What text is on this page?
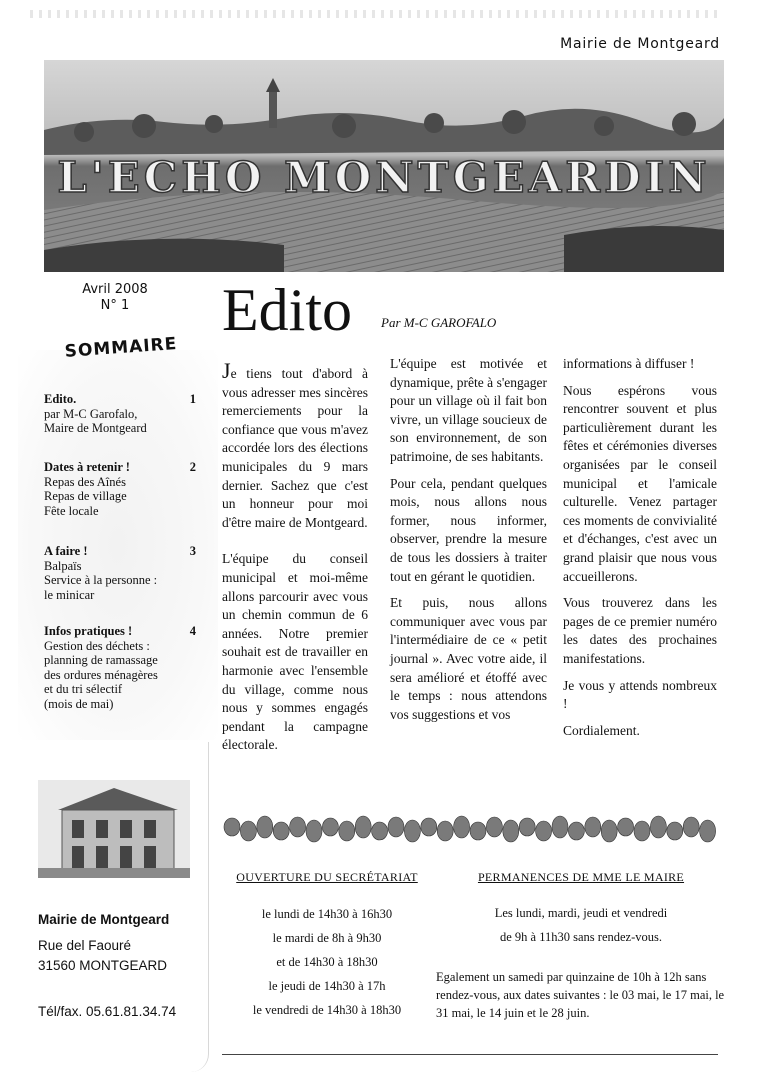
Mairie de Montgeard
L'ECHO MONTGEARDIN
Avril 2008
N° 1
SOMMAIRE
Edito.	1
par M-C Garofalo,
Maire de Montgeard
Dates à retenir !	2
Repas des Aînés
Repas de village
Fête locale
A faire !	3
Balpaïs
Service à la personne :
le minicar
Infos pratiques !	4
Gestion des déchets :
planning de ramassage
des ordures ménagères
et du tri sélectif
(mois de mai)
Mairie de Montgeard
Rue del Faouré
31560 MONTGEARD
Tél/fax. 05.61.81.34.74
Edito Par M-C GAROFALO

Je tiens tout d'abord à vous adresser mes sincères remerciements pour la confiance que vous m'avez accordée lors des élections municipales du 9 mars dernier. Sachez que c'est un honneur pour moi d'être maire de Montgeard.

L'équipe du conseil municipal et moi-même allons parcourir avec vous un chemin commun de 6 années. Notre premier souhait est de travailler en harmonie avec l'ensemble du village, comme nous nous y sommes engagés pendant la campagne électorale.

L'équipe est motivée et dynamique, prête à s'engager pour un village où il fait bon vivre, un village soucieux de son environnement, de son patrimoine, de ses habitants.

Pour cela, pendant quelques mois, nous allons nous former, nous informer, observer, prendre la mesure de tous les dossiers à traiter tout en gérant le quotidien.

Et puis, nous allons communiquer avec vous par l'intermédiaire de ce « petit journal ». Avec votre aide, il sera amélioré et étoffé avec le temps : nous attendons vos suggestions et vos

informations à diffuser !

Nous espérons vous rencontrer souvent et plus particulièrement durant les fêtes et cérémonies diverses organisées par le conseil municipal et l'amicale culturelle. Venez partager ces moments de convivialité et d'échanges, c'est avec un grand plaisir que nous vous accueillerons.

Vous trouverez dans les pages de ce premier numéro les dates des prochaines manifestations.

Je vous y attends nombreux !

Cordialement.

OUVERTURE DU SECRÉTARIAT
le lundi de 14h30 à 16h30
le mardi de 8h à 9h30
et de 14h30 à 18h30
le jeudi de 14h30 à 17h
le vendredi de 14h30 à 18h30
PERMANENCES DE MME LE MAIRE
Les lundi, mardi, jeudi et vendredi
de 9h à 11h30 sans rendez-vous.
Egalement un samedi par quinzaine de 10h à 12h sans rendez-vous, aux dates suivantes : le 03 mai, le 17 mai, le 31 mai, le 14 juin et le 28 juin.
